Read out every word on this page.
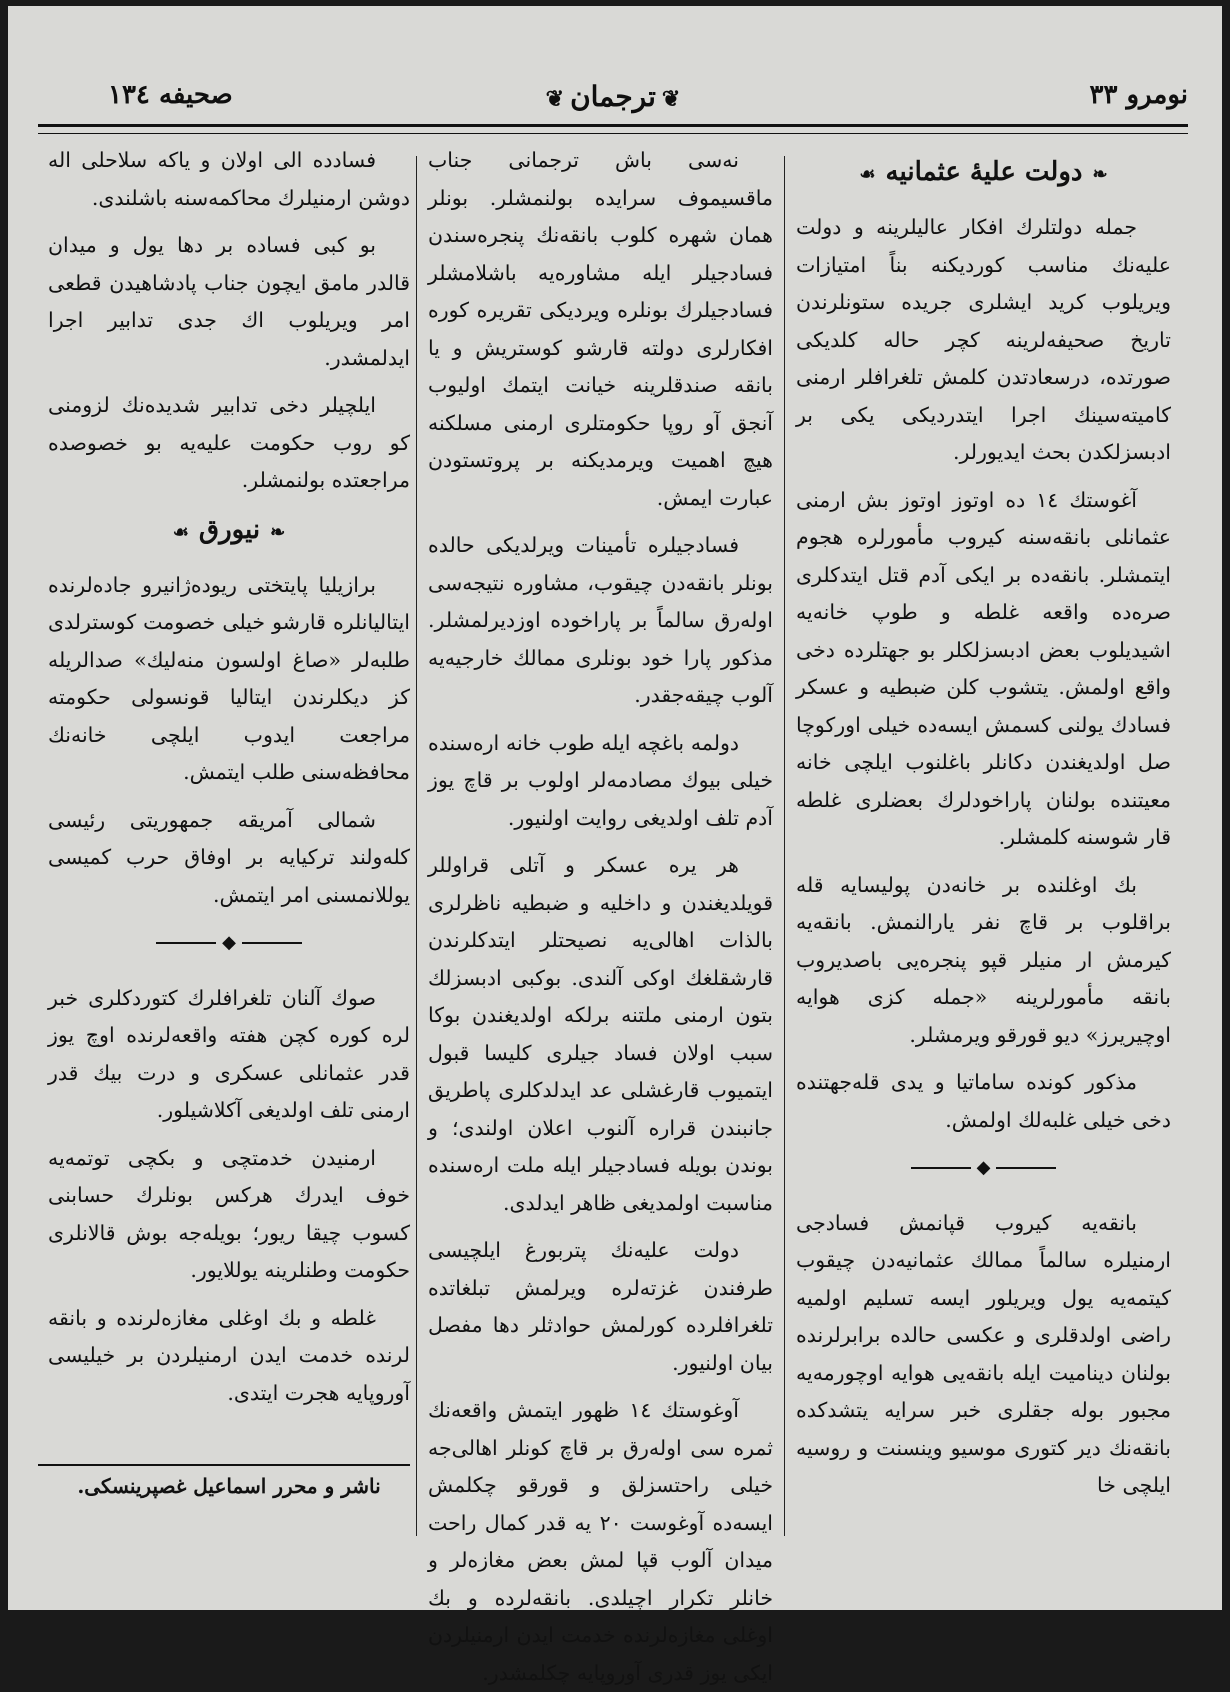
نومرو ۳۳
❦ترجمان❦
صحیفه ۱۳٤
❧دولت علیهٔ عثمانیه☙

جمله دولتلرك افکار عالیلرینه و دولت علیه‌نك مناسب کوردیکنه بناً امتیازات ویریلوب کرید ایشلری جریده ستونلرندن تاریخ صحیفه‌لرینه کچر حاله کلدیکی صورتده، درسعادتدن کلمش تلغرافلر ارمنی کامیته‌سینك اجرا ایتدردیکی یکی بر ادبسزلکدن بحث ایدیورلر.

آغوستك ١٤ ده اوتوز اوتوز بش ارمنی عثمانلی بانقه‌سنه کیروب مأمورلره هجوم ایتمشلر. بانقه‌ده بر ایکی آدم قتل ایتدکلری صره‌ده واقعه غلطه و طوپ خانه‌یه اشیدیلوب بعض ادبسزلکلر بو جهتلرده دخی واقع اولمش. یتشوب کلن ضبطیه و عسکر فسادك یولنی کسمش ایسه‌ده خیلی اورکوچا صل اولدیغندن دکانلر باغلنوب ایلچی خانه معیتنده بولنان پاراخودلرك بعضلری غلطه قار شوسنه کلمشلر.

بك اوغلنده بر خانه‌دن پولیسایه قله براقلوب بر قاچ نفر یارالنمش. بانقه‌یه کیرمش ار منیلر قپو پنجره‌یی باصدیروب بانقه مأمورلرینه «جمله کزی هوایه اوچیریرز» دیو قورقو ویرمشلر.

مذکور کونده ساماتیا و یدی قله‌جهتنده دخی خیلی غلبه‌لك اولمش.

◆

بانقه‌یه کیروب قپانمش فسادجی ارمنیلره سالماً ممالك عثمانیه‌دن چیقوب کیتمه‌یه یول ویریلور ایسه تسلیم اولمیه راضی اولدقلری و عکسی حالده برابرلرنده بولنان دینامیت ایله بانقه‌یی هوایه اوچورمه‌یه مجبور بوله جقلری خبر سرایه یتشدکده بانقه‌نك دیر کتوری موسیو وینسنت و روسیه ایلچی خا

نه‌سی باش ترجمانی جناب ماقسیموف سرایده بولنمشلر. بونلر همان شهره کلوب بانقه‌نك پنجره‌سندن فسادجیلر ایله مشاوره‌یه باشلامشلر فسادجیلرك بونلره ویردیکی تقریره کوره افکارلری دولته قارشو کوستریش و یا بانقه صندقلرینه خیانت ایتمك اولیوب آنجق آو روپا حکومتلری ارمنی مسلکنه هیچ اهمیت ویرمدیکنه بر پروتستودن عبارت ایمش.

فسادجیلره تأمینات ویرلدیکی حالده بونلر بانقه‌دن چیقوب، مشاوره نتیجه‌سی اوله‌رق سالماً بر پاراخوده اوزدیرلمشلر. مذکور پارا خود بونلری ممالك خارجیه‌یه آلوب چیقه‌جقدر.

دولمه باغچه ایله طوب خانه اره‌سنده خیلی بیوك مصادمه‌لر اولوب بر قاچ یوز آدم تلف اولدیغی روایت اولنیور.

هر یره عسکر و آتلی قراوللر قویلدیغندن و داخلیه و ضبطیه ناظرلری بالذات اهالی‌یه نصیحتلر ایتدکلرندن قارشقلغك اوکی آلندی. بوکبی ادبسزلك بتون ارمنی ملتنه برلکه اولدیغندن بوکا سبب اولان فساد جیلری کلیسا قبول ایتمیوب قارغشلی عد ایدلدکلری پاطریق جانبندن قراره آلنوب اعلان اولندی؛ و بوندن بویله فسادجیلر ایله ملت اره‌سنده مناسبت اولمدیغی ظاهر ایدلدی.

دولت علیه‌نك پتربورغ ایلچیسی طرفندن غزته‌لره ویرلمش تبلغاتده تلغرافلرده کورلمش حوادثلر دها مفصل بیان اولنیور.

آوغوستك ١٤ ظهور ایتمش واقعه‌نك ثمره سی اوله‌رق بر قاچ کونلر اهالی‌جه خیلی راحتسزلق و قورقو چکلمش ایسه‌ده آوغوست ٢٠ یه قدر کمال راحت میدان آلوب قپا لمش بعض مغازه‌لر و خانلر تکرار اچیلدی. بانقه‌لرده و بك اوغلی مغازه‌لرنده خدمت ایدن ارمنیلردن ایکی یوز قدری آوروپایه چکلمشدر.

فسادده الی اولان و یاکه سلاحلی اله دوشن ارمنیلرك محاکمه‌سنه باشلندی.

بو کبی فساده بر دها یول و میدان قالدر مامق ایچون جناب پادشاهیدن قطعی امر ویریلوب اك جدی تدابیر اجرا ایدلمشدر.

ایلچیلر دخی تدابیر شدیده‌نك لزومنی کو روب حکومت علیه‌یه بو خصوصده مراجعتده بولنمشلر.

❧نیورق☙

برازیلیا پایتختی ریوده‌ژانیرو جاده‌لرنده ایتالیانلره قارشو خیلی خصومت کوسترلدی طلبه‌لر «صاغ اولسون منه‌لیك» صدالریله کز دیکلرندن ایتالیا قونسولی حکومته مراجعت ایدوب ایلچی خانه‌نك محافظه‌سنی طلب ایتمش.

شمالی آمریقه جمهوریتی رئیسی کله‌ولند ترکیایه بر اوفاق حرب کمیسی یوللانمسنی امر ایتمش.

◆

صوك آلنان تلغرافلرك کتوردکلری خبر لره کوره کچن هفته واقعه‌لرنده اوچ یوز قدر عثمانلی عسکری و درت بیك قدر ارمنی تلف اولدیغی آکلاشیلور.

ارمنیدن خدمتچی و بکچی توتمه‌یه خوف ایدرك هرکس بونلرك حسابنی کسوب چیقا ریور؛ بویله‌جه بوش قالانلری حکومت وطنلرینه یوللایور.

غلطه و بك اوغلی مغازه‌لرنده و بانقه لرنده خدمت ایدن ارمنیلردن بر خیلیسی آوروپایه هجرت ایتدی.

ناشر و محرر اسماعیل غصپرینسکی.
